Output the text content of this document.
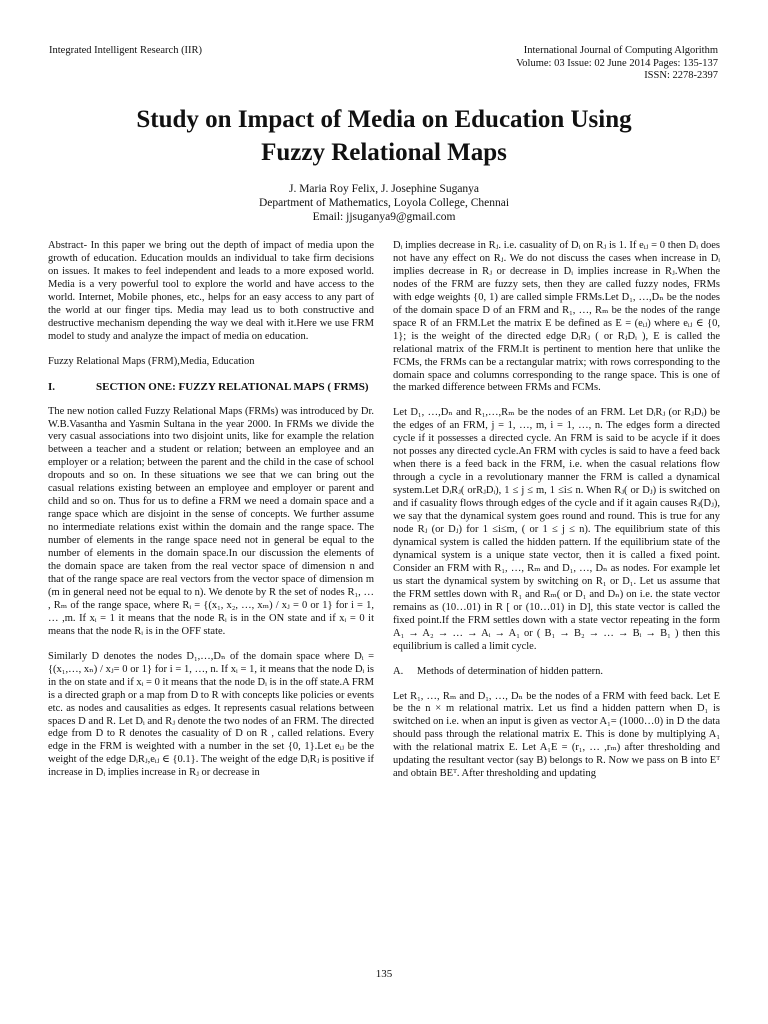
Integrated Intelligent Research (IIR)	International Journal of Computing Algorithm
Volume: 03 Issue: 02 June 2014 Pages: 135-137
ISSN: 2278-2397
Study on Impact of Media on Education Using
Fuzzy Relational Maps
J. Maria Roy Felix, J. Josephine Suganya
Department of Mathematics, Loyola College, Chennai
Email: jjsuganya9@gmail.com

Abstract- In this paper we bring out the depth of impact of media upon the growth of education. Education moulds an individual to take firm decisions on issues. It makes to feel independent and leads to a more exposed world. Media is a very powerful tool to explore the world and have access to the world. Internet, Mobile phones, etc., helps for an easy access to any part of the world at our finger tips. Media may lead us to both constructive and destructive mechanism depending the way we deal with it.Here we use FRM model to study and analyze the impact of media on education.

Fuzzy Relational Maps (FRM),Media, Education

I.	SECTION ONE: FUZZY RELATIONAL MAPS ( FRMS)

The new notion called Fuzzy Relational Maps (FRMs) was introduced by Dr. W.B.Vasantha and Yasmin Sultana in the year 2000. In FRMs we divide the very casual associations into two disjoint units, like for example the relation between a teacher and a student or relation; between an employee and an employer or a relation; between the parent and the child in the case of school dropouts and so on. In these situations we see that we can bring out the casual relations existing between an employee and employer or parent and child and so on. Thus for us to define a FRM we need a domain space and a range space which are disjoint in the sense of concepts. We further assume no intermediate relations exist within the domain and the range space. The number of elements in the range space need not in general be equal to the number of elements in the domain space.In our discussion the elements of the domain space are taken from the real vector space of dimension n and that of the range space are real vectors from the vector space of dimension m (m in general need not be equal to n). We denote by R the set of nodes R₁, … , Rₘ of the range space, where Rᵢ = {(x₁, x₂, …, xₘ) / xⱼ = 0 or 1} for i = 1, … ,m. If xᵢ = 1 it means that the node Rᵢ is in the ON state and if xᵢ = 0 it means that the node Rᵢ is in the OFF state.

Similarly D denotes the nodes D₁,…,Dₙ of the domain space where Dᵢ = {(x₁,…, xₙ) / xⱼ= 0 or 1} for i = 1, …, n. If xᵢ = 1, it means that the node Dᵢ is in the on state and if xᵢ = 0 it means that the node Dᵢ is in the off state.A FRM is a directed graph or a map from D to R with concepts like policies or events etc. as nodes and causalities as edges. It represents casual relations between spaces D and R. Let Dᵢ and Rⱼ denote the two nodes of an FRM. The directed edge from D to R denotes the casuality of D on R , called relations. Every edge in the FRM is weighted with a number in the set {0, 1}.Let eᵢⱼ be the weight of the edge DᵢRⱼ,eᵢⱼ ∈ {0.1}. The weight of the edge DᵢRⱼ is positive if increase in Dᵢ implies increase in Rⱼ or decrease in

Dᵢ implies decrease in Rⱼ. i.e. casuality of Dᵢ on Rⱼ is 1. If eᵢⱼ = 0 then Dᵢ does not have any effect on Rⱼ. We do not discuss the cases when increase in Dᵢ implies decrease in Rⱼ or decrease in Dᵢ implies increase in Rⱼ.When the nodes of the FRM are fuzzy sets, then they are called fuzzy nodes, FRMs with edge weights {0, 1) are called simple FRMs.Let D₁, …,Dₙ be the nodes of the domain space D of an FRM and R₁, …, Rₘ be the nodes of the range space R of an FRM.Let the matrix E be defined as E = (eᵢⱼ) where eᵢⱼ ∈ {0, 1}; is the weight of the directed edge DᵢRⱼ ( or RⱼDᵢ ), E is called the relational matrix of the FRM.It is pertinent to mention here that unlike the FCMs, the FRMs can be a rectangular matrix; with rows corresponding to the domain space and columns corresponding to the range space. This is one of the marked difference between FRMs and FCMs.

Let D₁, …,Dₙ and R₁,…,Rₘ be the nodes of an FRM. Let DᵢRⱼ (or RⱼDᵢ) be the edges of an FRM, j = 1, …, m, i = 1, …, n. The edges form a directed cycle if it possesses a directed cycle. An FRM is said to be acycle if it does not posses any directed cycle.An FRM with cycles is said to have a feed back when there is a feed back in the FRM, i.e. when the casual relations flow through a cycle in a revolutionary manner the FRM is called a dynamical system.Let DᵢRⱼ( orRⱼDᵢ), 1 ≤ j ≤ m, 1 ≤i≤ n. When Rⱼ( or Dⱼ) is switched on and if casuality flows through edges of the cycle and if it again causes Rⱼ(Dⱼ), we say that the dynamical system goes round and round. This is true for any node Rⱼ (or Dⱼ) for 1 ≤i≤m, ( or 1 ≤ j ≤ n). The equilibrium state of this dynamical system is called the hidden pattern. If the equilibrium state of the dynamical system is a unique state vector, then it is called a fixed point. Consider an FRM with R₁, …, Rₘ and D₁, …, Dₙ as nodes. For example let us start the dynamical system by switching on R₁ or D₁. Let us assume that the FRM settles down with R₁ and Rₘ( or D₁ and Dₙ) on i.e. the state vector remains as (10…01) in R [ or (10…01) in D], this state vector is called the fixed point.If the FRM settles down with a state vector repeating in the form A₁ → A₂ → … → Aᵢ → A₁ or ( B₁ → B₂ → … → Bᵢ → B₁ ) then this equilibrium is called a limit cycle.

A. Methods of determination of hidden pattern.

Let R₁, …, Rₘ and D₁, …, Dₙ be the nodes of a FRM with feed back. Let E be the n × m relational matrix. Let us find a hidden pattern when D₁ is switched on i.e. when an input is given as vector A₁= (1000…0) in D the data should pass through the relational matrix E. This is done by multiplying A₁ with the relational matrix E. Let A₁E = (r₁, … ,rₘ) after thresholding and updating the resultant vector (say B) belongs to R. Now we pass on B into Eᵀ and obtain BEᵀ. After thresholding and updating

135
